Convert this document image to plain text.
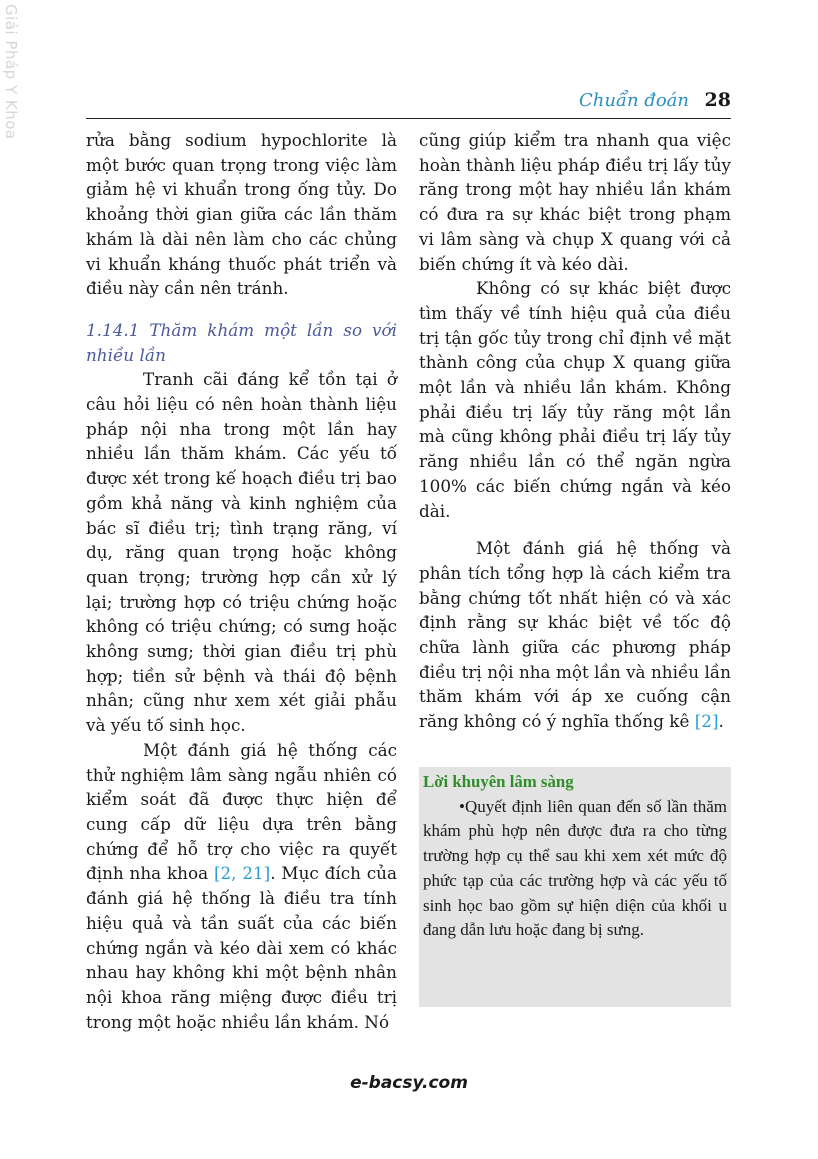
Giải Pháp Y Khoa	Chuẩn đoán 28

rửa bằng sodium hypochlorite là một bước quan trọng trong việc làm giảm hệ vi khuẩn trong ống tủy. Do khoảng thời gian giữa các lần thăm khám là dài nên làm cho các chủng vi khuẩn kháng thuốc phát triển và điều này cần nên tránh.

1.14.1 Thăm khám một lần so với nhiều lần

Tranh cãi đáng kể tồn tại ở câu hỏi liệu có nên hoàn thành liệu pháp nội nha trong một lần hay nhiều lần thăm khám. Các yếu tố được xét trong kế hoạch điều trị bao gồm khả năng và kinh nghiệm của bác sĩ điều trị; tình trạng răng, ví dụ, răng quan trọng hoặc không quan trọng; trường hợp cần xử lý lại; trường hợp có triệu chứng hoặc không có triệu chứng; có sưng hoặc không sưng; thời gian điều trị phù hợp; tiền sử bệnh và thái độ bệnh nhân; cũng như xem xét giải phẫu và yếu tố sinh học.

Một đánh giá hệ thống các thử nghiệm lâm sàng ngẫu nhiên có kiểm soát đã được thực hiện để cung cấp dữ liệu dựa trên bằng chứng để hỗ trợ cho việc ra quyết định nha khoa [2, 21]. Mục đích của đánh giá hệ thống là điều tra tính hiệu quả và tần suất của các biến chứng ngắn và kéo dài xem có khác nhau hay không khi một bệnh nhân nội khoa răng miệng được điều trị trong một hoặc nhiều lần khám. Nó

cũng giúp kiểm tra nhanh qua việc hoàn thành liệu pháp điều trị lấy tủy răng trong một hay nhiều lần khám có đưa ra sự khác biệt trong phạm vi lâm sàng và chụp X quang với cả biến chứng ít và kéo dài.

Không có sự khác biệt được tìm thấy về tính hiệu quả của điều trị tận gốc tủy trong chỉ định về mặt thành công của chụp X quang giữa một lần và nhiều lần khám. Không phải điều trị lấy tủy răng một lần mà cũng không phải điều trị lấy tủy răng nhiều lần có thể ngăn ngừa 100% các biến chứng ngắn và kéo dài.

Một đánh giá hệ thống và phân tích tổng hợp là cách kiểm tra bằng chứng tốt nhất hiện có và xác định rằng sự khác biệt về tốc độ chữa lành giữa các phương pháp điều trị nội nha một lần và nhiều lần thăm khám với áp xe cuống cận răng không có ý nghĩa thống kê [2].

Lời khuyên lâm sàng

•Quyết định liên quan đến số lần thăm khám phù hợp nên được đưa ra cho từng trường hợp cụ thể sau khi xem xét mức độ phức tạp của các trường hợp và các yếu tố sinh học bao gồm sự hiện diện của khối u đang dẫn lưu hoặc đang bị sưng.

e-bacsy.com
